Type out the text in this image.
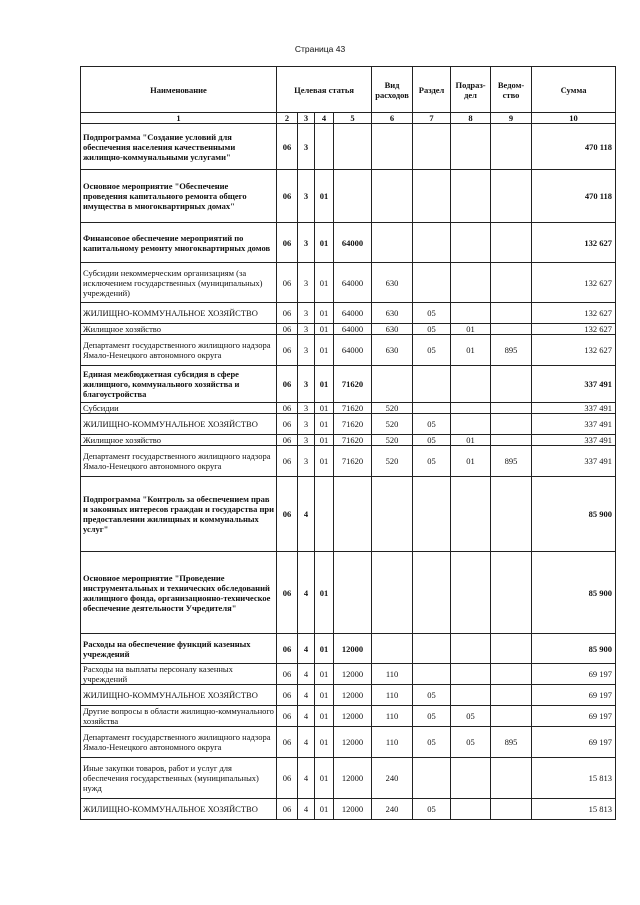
Страница 43
Наименование	Целевая статья				Вид расходов	Раздел	Подраз-дел	Ведом-ство	Сумма
1	2	3	4	5	6	7	8	9	10
Подпрограмма "Создание условий для обеспечения населения качественными жилищно-коммунальными услугами"	06	3							470 118
Основное мероприятие "Обеспечение проведения капитального ремонта общего имущества в многоквартирных домах"	06	3	01						470 118
Финансовое обеспечение мероприятий по капитальному ремонту многоквартирных домов	06	3	01	64000					132 627
Субсидии некоммерческим организациям (за исключением государственных (муниципальных) учреждений)	06	3	01	64000	630				132 627
ЖИЛИЩНО-КОММУНАЛЬНОЕ ХОЗЯЙСТВО	06	3	01	64000	630	05			132 627
Жилищное хозяйство	06	3	01	64000	630	05	01		132 627
Департамент государственного жилищного надзора Ямало-Ненецкого автономного округа	06	3	01	64000	630	05	01	895	132 627
Единая межбюджетная субсидия в сфере жилищного, коммунального хозяйства и благоустройства	06	3	01	71620					337 491
Субсидии	06	3	01	71620	520				337 491
ЖИЛИЩНО-КОММУНАЛЬНОЕ ХОЗЯЙСТВО	06	3	01	71620	520	05			337 491
Жилищное хозяйство	06	3	01	71620	520	05	01		337 491
Департамент государственного жилищного надзора Ямало-Ненецкого автономного округа	06	3	01	71620	520	05	01	895	337 491
Подпрограмма "Контроль за обеспечением прав и законных интересов граждан и государства при предоставлении жилищных и коммунальных услуг"	06	4							85 900
Основное мероприятие "Проведение инструментальных и технических обследований жилищного фонда, организационно-техническое обеспечение деятельности Учредителя"	06	4	01						85 900
Расходы на обеспечение функций казенных учреждений	06	4	01	12000					85 900
Расходы на выплаты персоналу казенных учреждений	06	4	01	12000	110				69 197
ЖИЛИЩНО-КОММУНАЛЬНОЕ ХОЗЯЙСТВО	06	4	01	12000	110	05			69 197
Другие вопросы в области жилищно-коммунального хозяйства	06	4	01	12000	110	05	05		69 197
Департамент государственного жилищного надзора Ямало-Ненецкого автономного округа	06	4	01	12000	110	05	05	895	69 197
Иные закупки товаров, работ и услуг для обеспечения государственных (муниципальных) нужд	06	4	01	12000	240				15 813
ЖИЛИЩНО-КОММУНАЛЬНОЕ ХОЗЯЙСТВО	06	4	01	12000	240	05			15 813
